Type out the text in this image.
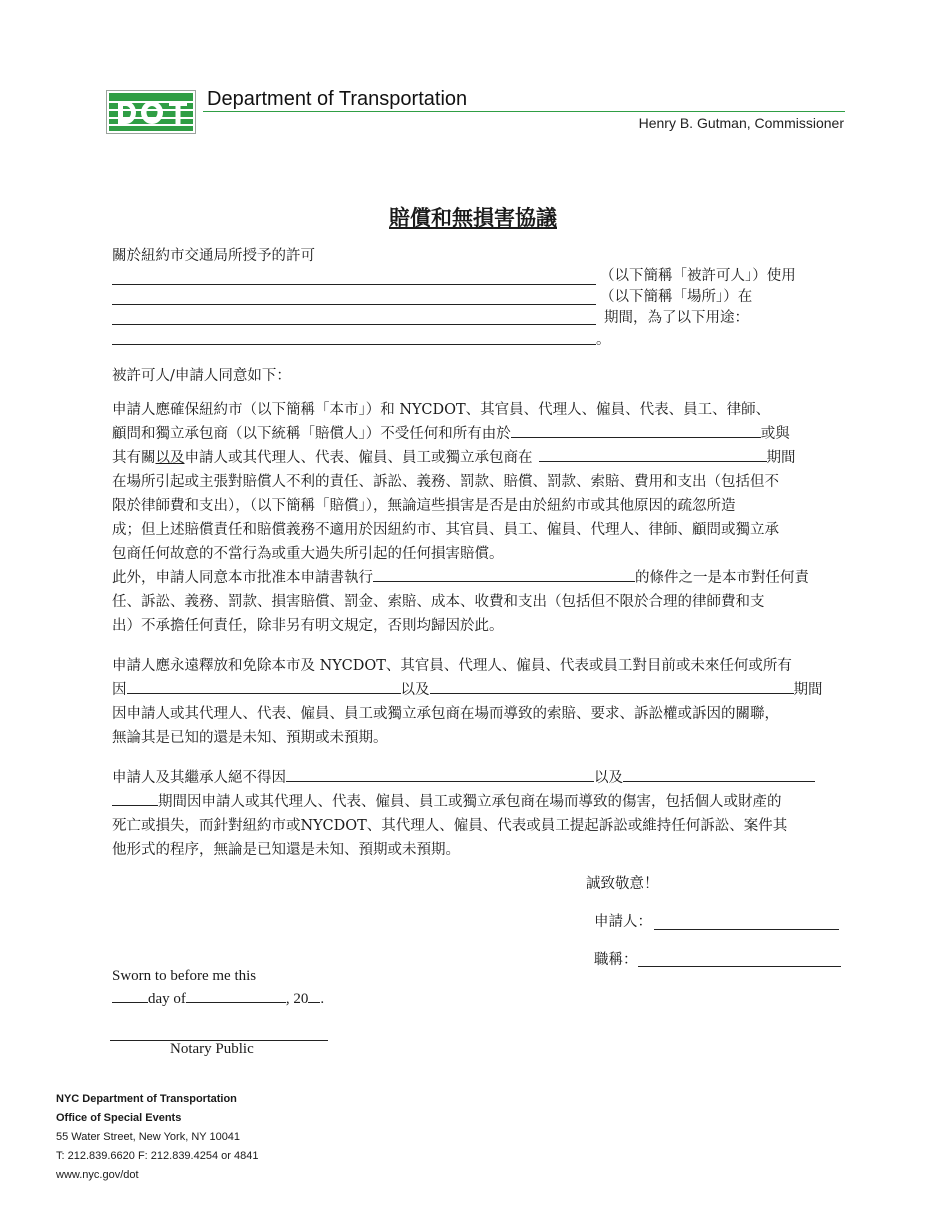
Department of Transportation
Henry B. Gutman, Commissioner
賠償和無損害協議
關於紐約市交通局所授予的許可
（以下簡稱「被許可人」）使用
（以下簡稱「場所」）在
期間，為了以下用途：
。
被許可人/申請人同意如下：
申請人應確保紐約市（以下簡稱「本市」）和 NYCDOT、其官員、代理人、僱員、代表、員工、律師、
顧問和獨立承包商（以下統稱「賠償人」）不受任何和所有由於	或與
其有關以及申請人或其代理人、代表、僱員、員工或獨立承包商在	期間
在場所引起或主張對賠償人不利的責任、訴訟、義務、罰款、賠償、罰款、索賠、費用和支出（包括但不
限於律師費和支出），（以下簡稱「賠償」），無論這些損害是否是由於紐約市或其他原因的疏忽所造
成；但上述賠償責任和賠償義務不適用於因紐約市、其官員、員工、僱員、代理人、律師、顧問或獨立承
包商任何故意的不當行為或重大過失所引起的任何損害賠償。
此外，申請人同意本市批准本申請書執行	的條件之一是本市對任何責
任、訴訟、義務、罰款、損害賠償、罰金、索賠、成本、收費和支出（包括但不限於合理的律師費和支
出）不承擔任何責任，除非另有明文規定，否則均歸因於此。
申請人應永遠釋放和免除本市及 NYCDOT、其官員、代理人、僱員、代表或員工對目前或未來任何或所有
因	以及	期間
因申請人或其代理人、代表、僱員、員工或獨立承包商在場而導致的索賠、要求、訴訟權或訴因的關聯，
無論其是已知的還是未知、預期或未預期。
申請人及其繼承人絕不得因	以及
期間因申請人或其代理人、代表、僱員、員工或獨立承包商在場而導致的傷害，包括個人或財產的
死亡或損失，而針對紐約市或NYCDOT、其代理人、僱員、代表或員工提起訴訟或維持任何訴訟、案件其
他形式的程序，無論是已知還是未知、預期或未預期。
誠致敬意！
申請人：
職稱：
Sworn to before me this
day of	, 20 .
Notary Public
NYC Department of Transportation
Office of Special Events
55 Water Street, New York, NY 10041
T: 212.839.6620 F: 212.839.4254 or 4841
www.nyc.gov/dot
